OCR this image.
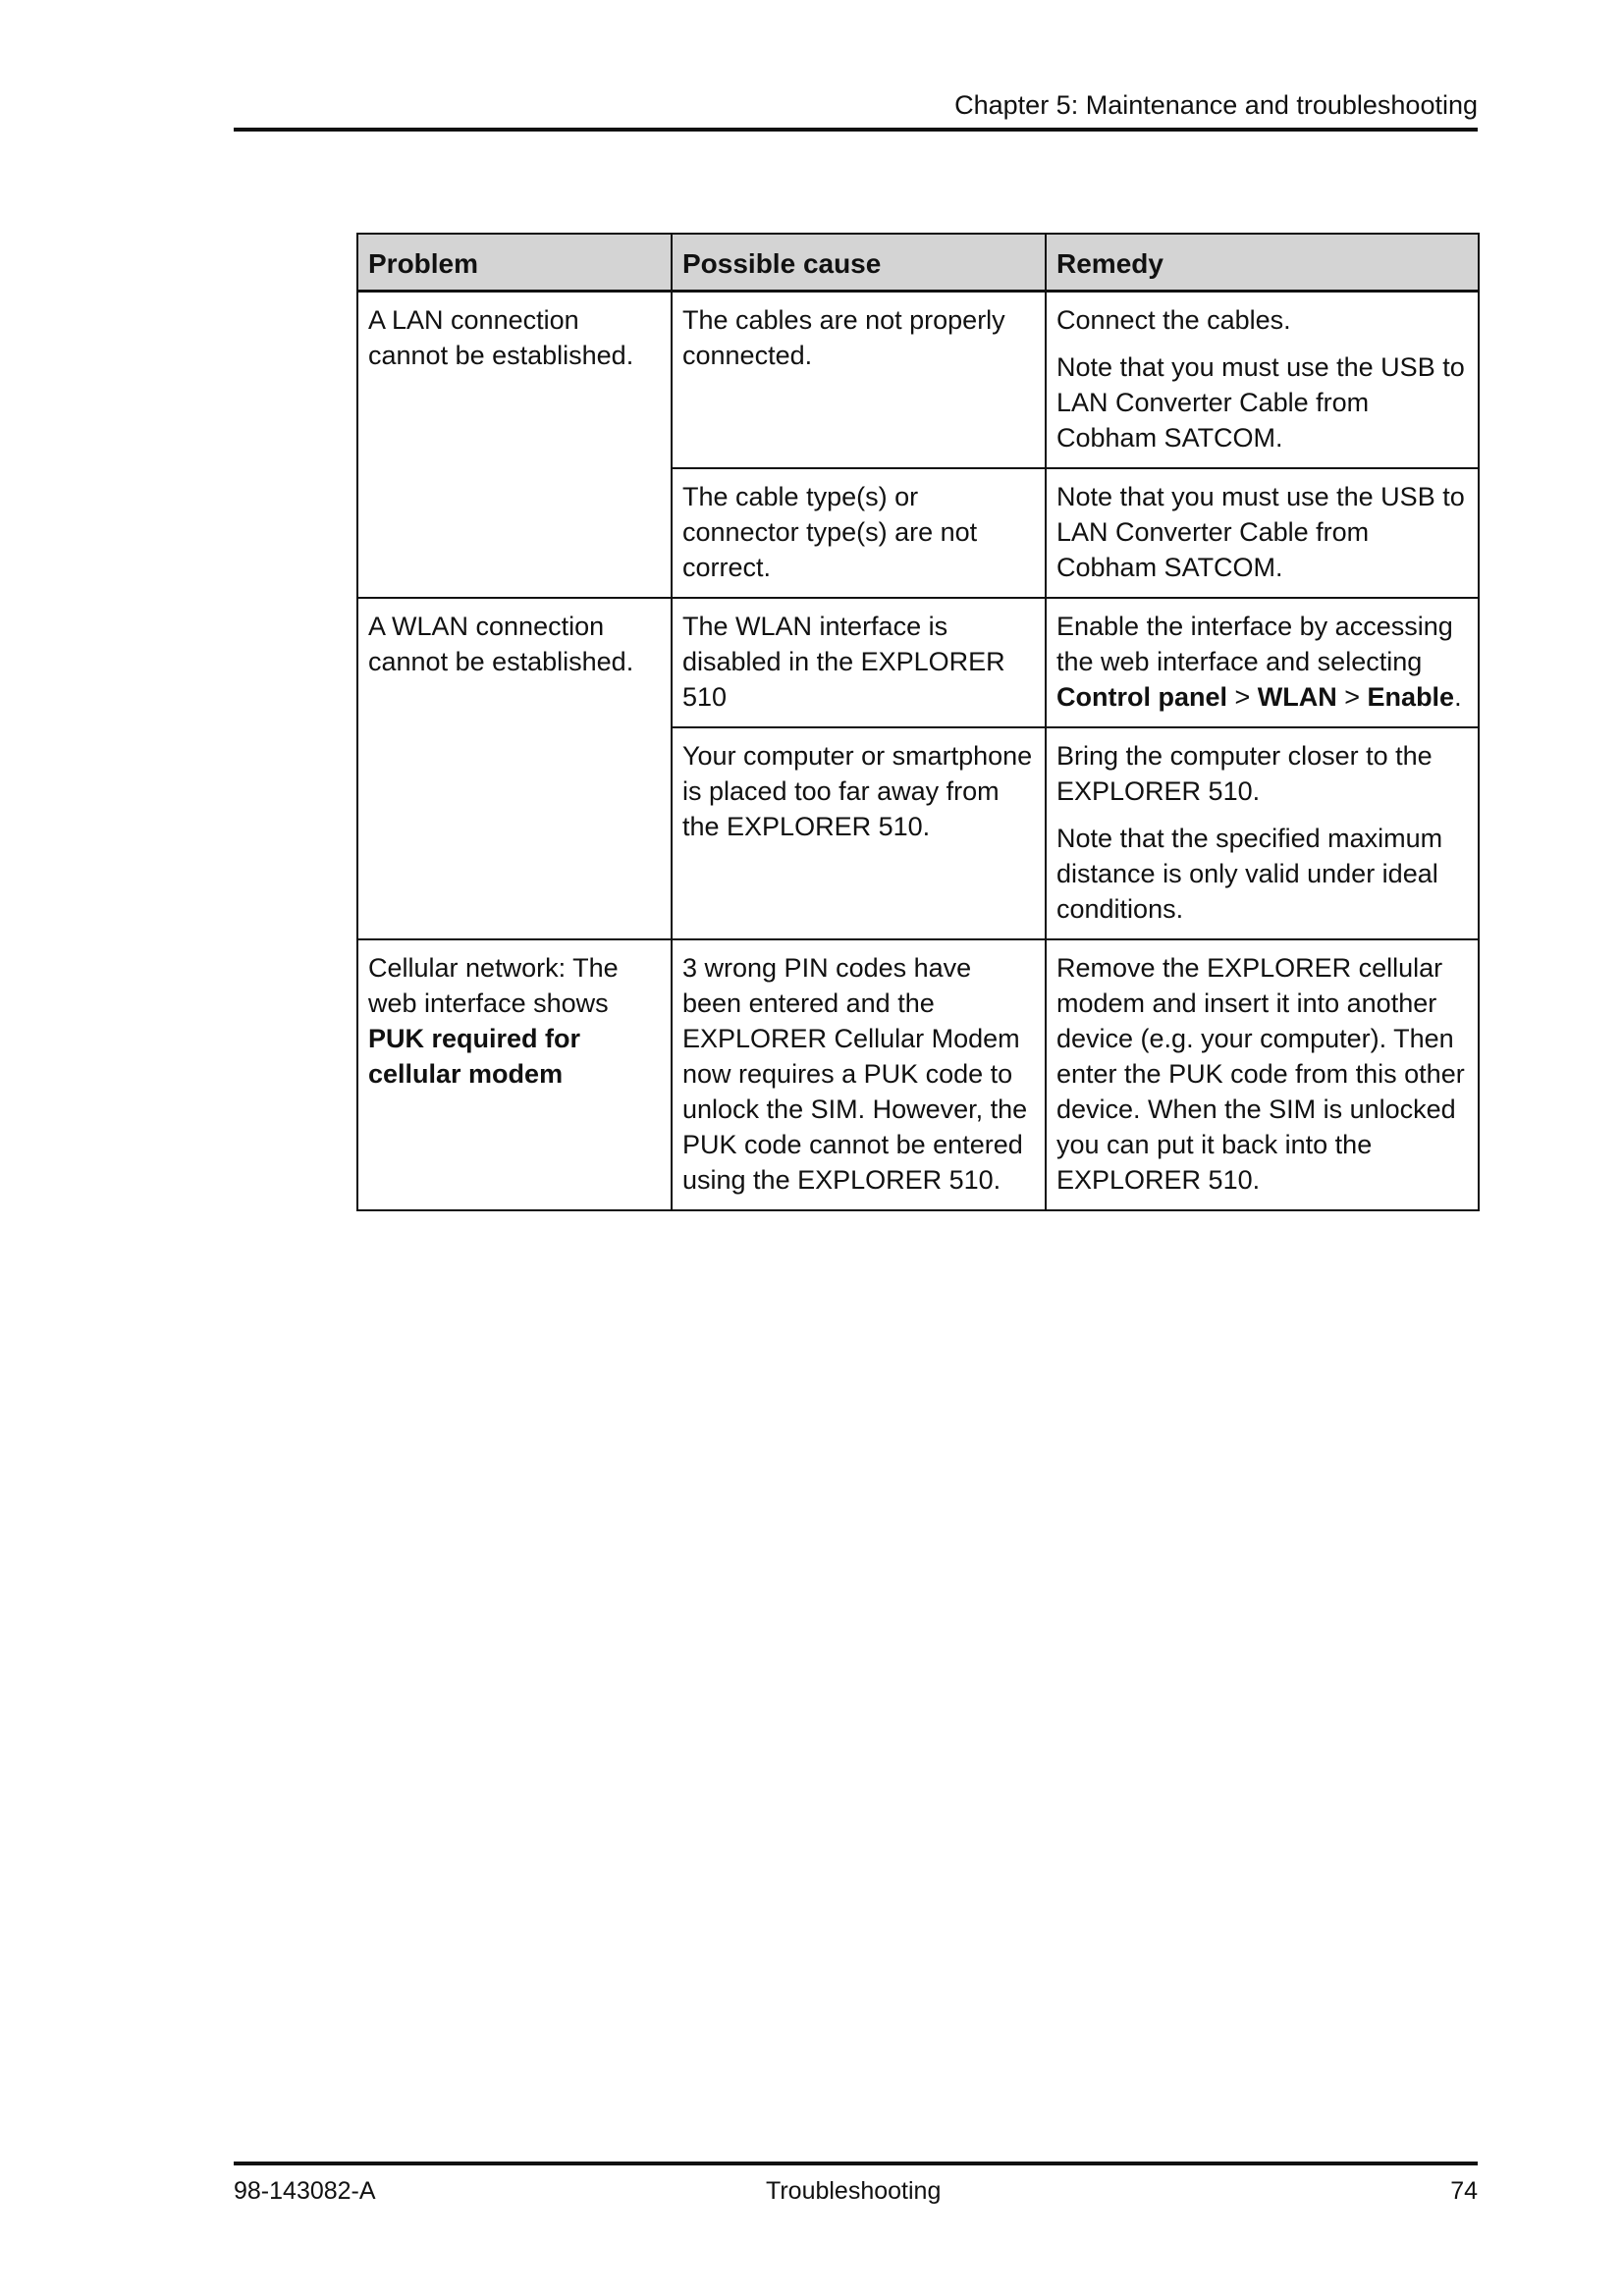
Chapter 5: Maintenance and troubleshooting
Problem	Possible cause	Remedy

A LAN connection cannot be established.	The cables are not properly connected.	Connect the cables.

Note that you must use the USB to LAN Converter Cable from Cobham SATCOM.

	The cable type(s) or connector type(s) are not correct.	Note that you must use the USB to LAN Converter Cable from Cobham SATCOM.

A WLAN connection cannot be established.	The WLAN interface is disabled in the EXPLORER 510	Enable the interface by accessing the web interface and selecting Control panel > WLAN > Enable.

	Your computer or smartphone is placed too far away from the EXPLORER 510.	Bring the computer closer to the EXPLORER 510.

Note that the specified maximum distance is only valid under ideal conditions.

Cellular network: The web interface shows PUK required for cellular modem	3 wrong PIN codes have been entered and the EXPLORER Cellular Modem now requires a PUK code to unlock the SIM. However, the PUK code cannot be entered using the EXPLORER 510.	Remove the EXPLORER cellular modem and insert it into another device (e.g. your computer). Then enter the PUK code from this other device. When the SIM is unlocked you can put it back into the EXPLORER 510.

98-143082-A	Troubleshooting	74
